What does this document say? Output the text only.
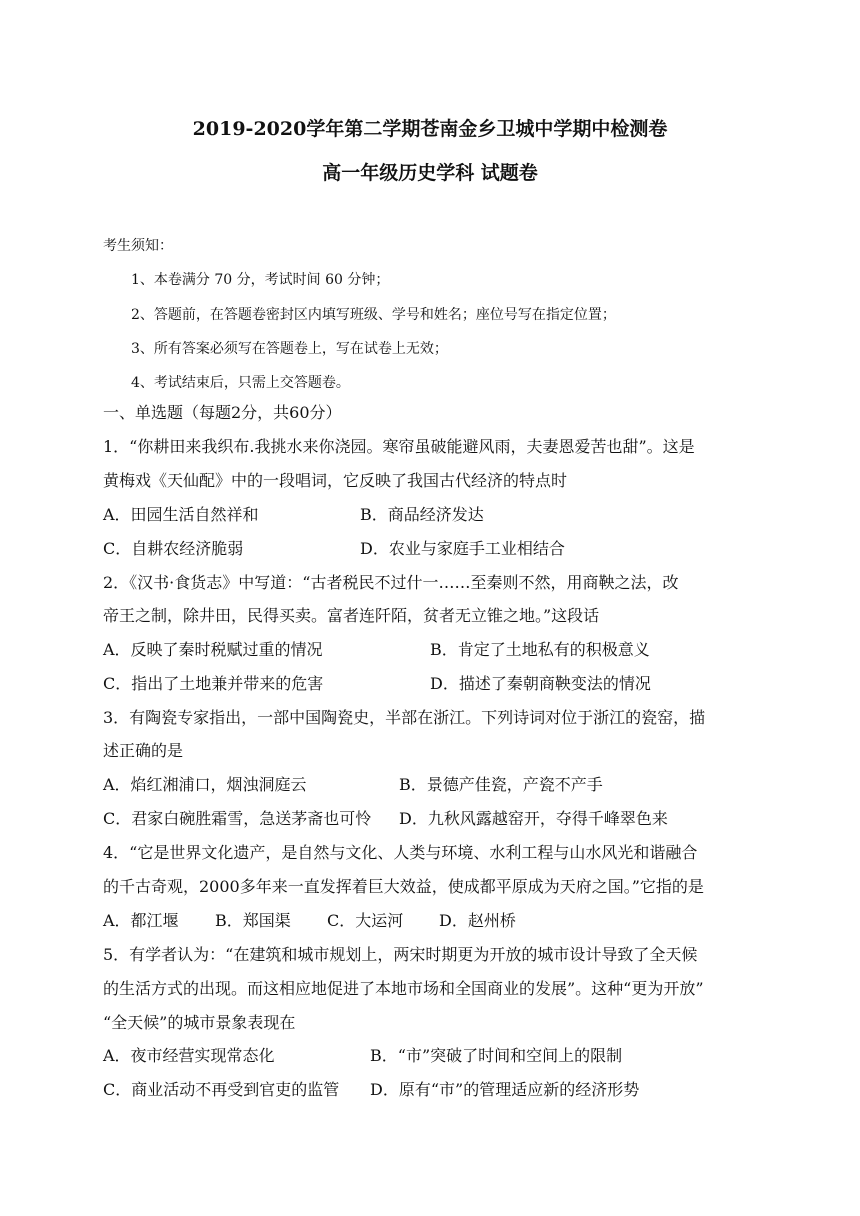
2019-2020学年第二学期苍南金乡卫城中学期中检测卷
高一年级历史学科 试题卷
考生须知：
1、本卷满分 70 分，考试时间 60 分钟；
2、答题前，在答题卷密封区内填写班级、学号和姓名；座位号写在指定位置；
3、所有答案必须写在答题卷上，写在试卷上无效；
4、考试结束后，只需上交答题卷。
一、单选题（每题2分，共60分）
1．“你耕田来我织布.我挑水来你浇园。寒帘虽破能避风雨，夫妻恩爱苦也甜”。这是
黄梅戏《天仙配》中的一段唱词，它反映了我国古代经济的特点时
A．田园生活自然祥和	B．商品经济发达
C．自耕农经济脆弱	D．农业与家庭手工业相结合
2．《汉书·食货志》中写道：“古者税民不过什一……至秦则不然，用商鞅之法，改
帝王之制，除井田，民得买卖。富者连阡陌，贫者无立锥之地。”这段话
A．反映了秦时税赋过重的情况	B．肯定了土地私有的积极意义
C．指出了土地兼并带来的危害	D．描述了秦朝商鞅变法的情况
3．有陶瓷专家指出，一部中国陶瓷史，半部在浙江。下列诗词对位于浙江的瓷窑，描
述正确的是
A．焰红湘浦口，烟浊洞庭云	B．景德产佳瓷，产瓷不产手
C．君家白碗胜霜雪，急送茅斋也可怜 D．九秋风露越窑开，夺得千峰翠色来
4．“它是世界文化遗产，是自然与文化、人类与环境、水利工程与山水风光和谐融合
的千古奇观，2000多年来一直发挥着巨大效益，使成都平原成为天府之国。”它指的是
A．都江堰 B．郑国渠 C．大运河 D．赵州桥
5．有学者认为：“在建筑和城市规划上，两宋时期更为开放的城市设计导致了全天候
的生活方式的出现。而这相应地促进了本地市场和全国商业的发展”。这种“更为开放”
“全天候”的城市景象表现在
A．夜市经营实现常态化	B．“市”突破了时间和空间上的限制
C．商业活动不再受到官吏的监管 D．原有“市”的管理适应新的经济形势
